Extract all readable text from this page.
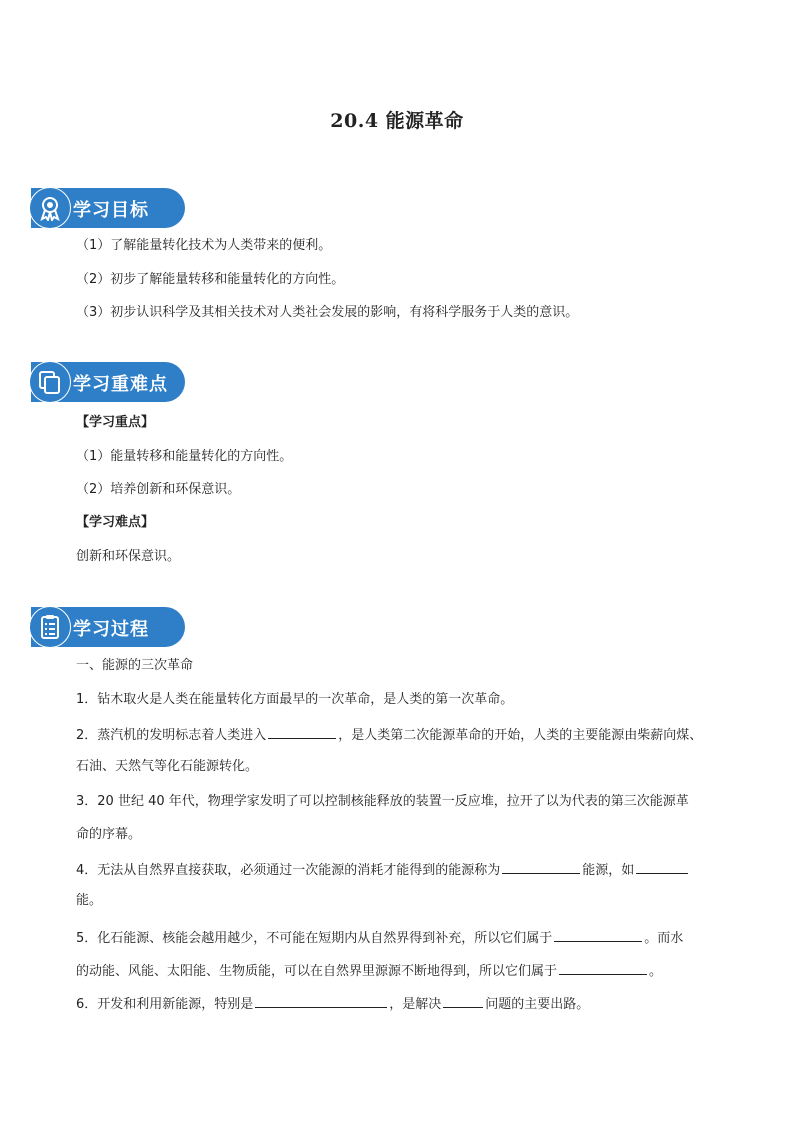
20.4 能源革命
学习目标
（1）了解能量转化技术为人类带来的便利。
（2）初步了解能量转移和能量转化的方向性。
（3）初步认识科学及其相关技术对人类社会发展的影响，有将科学服务于人类的意识。
学习重难点
【学习重点】
（1）能量转移和能量转化的方向性。
（2）培养创新和环保意识。
【学习难点】
创新和环保意识。
学习过程
一、能源的三次革命
1．钻木取火是人类在能量转化方面最早的一次革命，是人类的第一次革命。
2．蒸汽机的发明标志着人类进入	，是人类第二次能源革命的开始，人类的主要能源由柴薪向煤、
石油、天然气等化石能源转化。
3．20 世纪 40 年代，物理学家发明了可以控制核能释放的装置一反应堆，拉开了以为代表的第三次能源革
命的序幕。
4．无法从自然界直接获取，必须通过一次能源的消耗才能得到的能源称为	能源，如
能。
5．化石能源、核能会越用越少，不可能在短期内从自然界得到补充，所以它们属于	。而水
的动能、风能、太阳能、生物质能，可以在自然界里源源不断地得到，所以它们属于	。
6．开发和利用新能源，特别是	，是解决	问题的主要出路。
